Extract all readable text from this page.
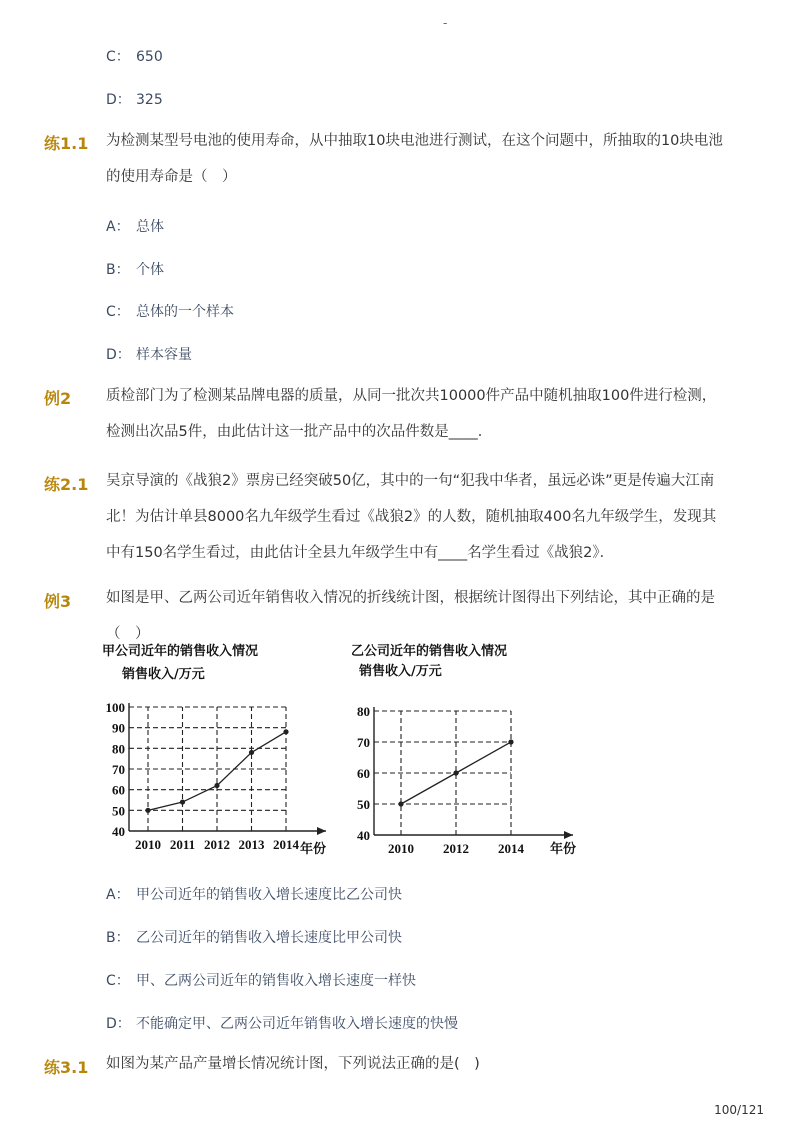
-
C： 650
D： 325
练1.1 为检测某型号电池的使用寿命，从中抽取10块电池进行测试，在这个问题中，所抽取的10块电池的使用寿命是（　）
A： 总体
B： 个体
C： 总体的一个样本
D： 样本容量
例2 质检部门为了检测某品牌电器的质量，从同一批次共10000件产品中随机抽取100件进行检测，检测出次品5件，由此估计这一批产品中的次品件数是____．
练2.1 吴京导演的《战狼2》票房已经突破50亿，其中的一句“犯我中华者，虽远必诛”更是传遍大江南北！为估计单县8000名九年级学生看过《战狼2》的人数，随机抽取400名九年级学生，发现其中有150名学生看过，由此估计全县九年级学生中有____名学生看过《战狼2》．
例3 如图是甲、乙两公司近年销售收入情况的折线统计图，根据统计图得出下列结论，其中正确的是（　）
甲公司近年的销售收入情况
销售收入/万元
年份
40
50
60
70
80
90
100
2010 2011 2012 2013 2014
乙公司近年的销售收入情况
销售收入/万元
年份
40
50
60
70
80
2010 2012 2014
A： 甲公司近年的销售收入增长速度比乙公司快
B： 乙公司近年的销售收入增长速度比甲公司快
C： 甲、乙两公司近年的销售收入增长速度一样快
D： 不能确定甲、乙两公司近年销售收入增长速度的快慢
练3.1 如图为某产品产量增长情况统计图，下列说法正确的是(　)
100/121
